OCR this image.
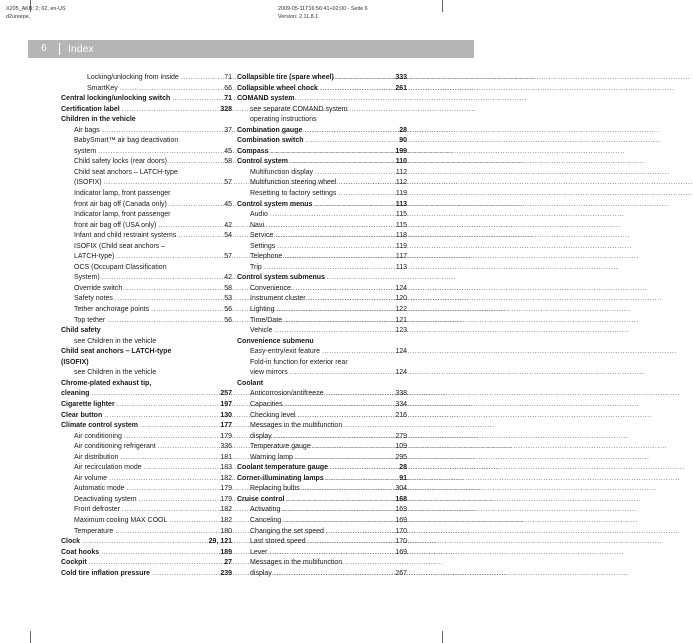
X205_AKB; 2; 62, en-US
d2ureepe,
2009-05-11T16:56:41+02:00 - Seite 6
Version: 2.11.8.1
6	Index
Locking/unlocking from inside .....	71
SmartKey .....	66
Central locking/unlocking switch .....	71
Certification label .....	328
Children in the vehicle
Air bags .....	37
BabySmart™ air bag deactivation
system .....	45
Child safety locks (rear doors) .....	58
Child seat anchors – LATCH-type
(ISOFIX) .....	57
Indicator lamp, front passenger
front air bag off (Canada only) .....	45
Indicator lamp, front passenger
front air bag off (USA only) .....	42
Infant and child restraint systems .....	54
ISOFIX (Child seat anchors –
LATCH-type) .....	57
OCS (Occupant Classification
System) .....	42
Override switch .....	58
Safety notes .....	53
Tether anchorage points .....	56
Top tether .....	56
Child safety
see Children in the vehicle
Child seat anchors – LATCH-type
(ISOFIX)
see Children in the vehicle
Chrome-plated exhaust tip,
cleaning .....	257
Cigarette lighter .....	197
Clear button .....	130
Climate control system .....	177
Air conditioning .....	179
Air conditioning refrigerant .....	336
Air distribution .....	181
Air recirculation mode .....	183
Air volume .....	182
Automatic mode .....	179
Deactivating system .....	179
Front defroster .....	182
Maximum cooling MAX COOL .....	182
Temperature .....	180
Clock .....	29, 121
Coat hooks .....	189
Cockpit .....	27
Cold tire inflation pressure .....	239
Collapsible tire (spare wheel) .....	333
Collapsible wheel chock .....	261
COMAND system
see separate COMAND system
operating instructions
Combination gauge .....	28
Combination switch .....	90
Compass .....	199
Control system .....	110
Multifunction display .....	112
Multifunction steering wheel .....	112
Resetting to factory settings .....	119
Control system menus .....	113
Audio .....	115
Navi .....	115
Service .....	118
Settings .....	119
Telephone .....	117
Trip .....	113
Control system submenus
Convenience .....	124
Instrument cluster .....	120
Lighting .....	122
Time/Date .....	121
Vehicle .....	123
Convenience submenu
Easy-entry/exit feature .....	124
Fold-in function for exterior rear
view mirrors .....	124
Coolant
Anticorrosion/antifreeze .....	338
Capacities .....	334
Checking level .....	216
Messages in the multifunction
display .....	279
Temperature gauge .....	109
Warning lamp .....	295
Coolant temperature gauge .....	28
Corner-illuminating lamps .....	91
Replacing bulbs .....	304
Cruise control .....	168
Activating .....	169
Canceling .....	169
Changing the set speed .....	170
Last stored speed .....	170
Lever .....	169
Messages in the multifunction
display .....	267
